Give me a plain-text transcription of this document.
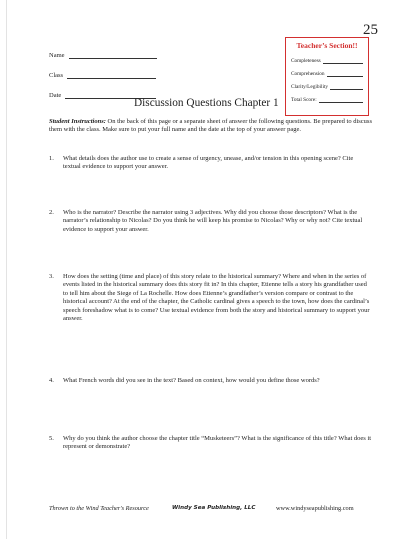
25
Name
Class
Date
Teacher’s Section!!
Completeness
Comprehension
Clarity/Legibility
Total Score:
Discussion Questions Chapter 1

Student Instructions: On the back of this page or a separate sheet of answer the following questions. Be prepared to discuss them with the class. Make sure to put your full name and the date at the top of your answer page.

1.	What details does the author use to create a sense of urgency, unease, and/or tension in this opening scene? Cite textual evidence to support your answer.
2.	Who is the narrator? Describe the narrator using 3 adjectives. Why did you choose those descriptors? What is the narrator’s relationship to Nicolas? Do you think he will keep his promise to Nicolas? Why or why not? Cite textual evidence to support your answer.
3.	How does the setting (time and place) of this story relate to the historical summary? Where and when in the series of events listed in the historical summary does this story fit in? In this chapter, Etienne tells a story his grandfather used to tell him about the Siege of La Rochelle. How does Etienne’s grandfather’s version compare or contrast to the historical account? At the end of the chapter, the Catholic cardinal gives a speech to the town, how does the cardinal’s speech foreshadow what is to come? Use textual evidence from both the story and historical summary to support your answer.
4.	What French words did you see in the text? Based on context, how would you define those words?
5.	Why do you think the author choose the chapter title “Musketeers”? What is the significance of this title? What does it represent or demonstrate?
Thrown to the Wind Teacher's Resource	Windy Sea Publishing, LLC	www.windyseapublishing.com
